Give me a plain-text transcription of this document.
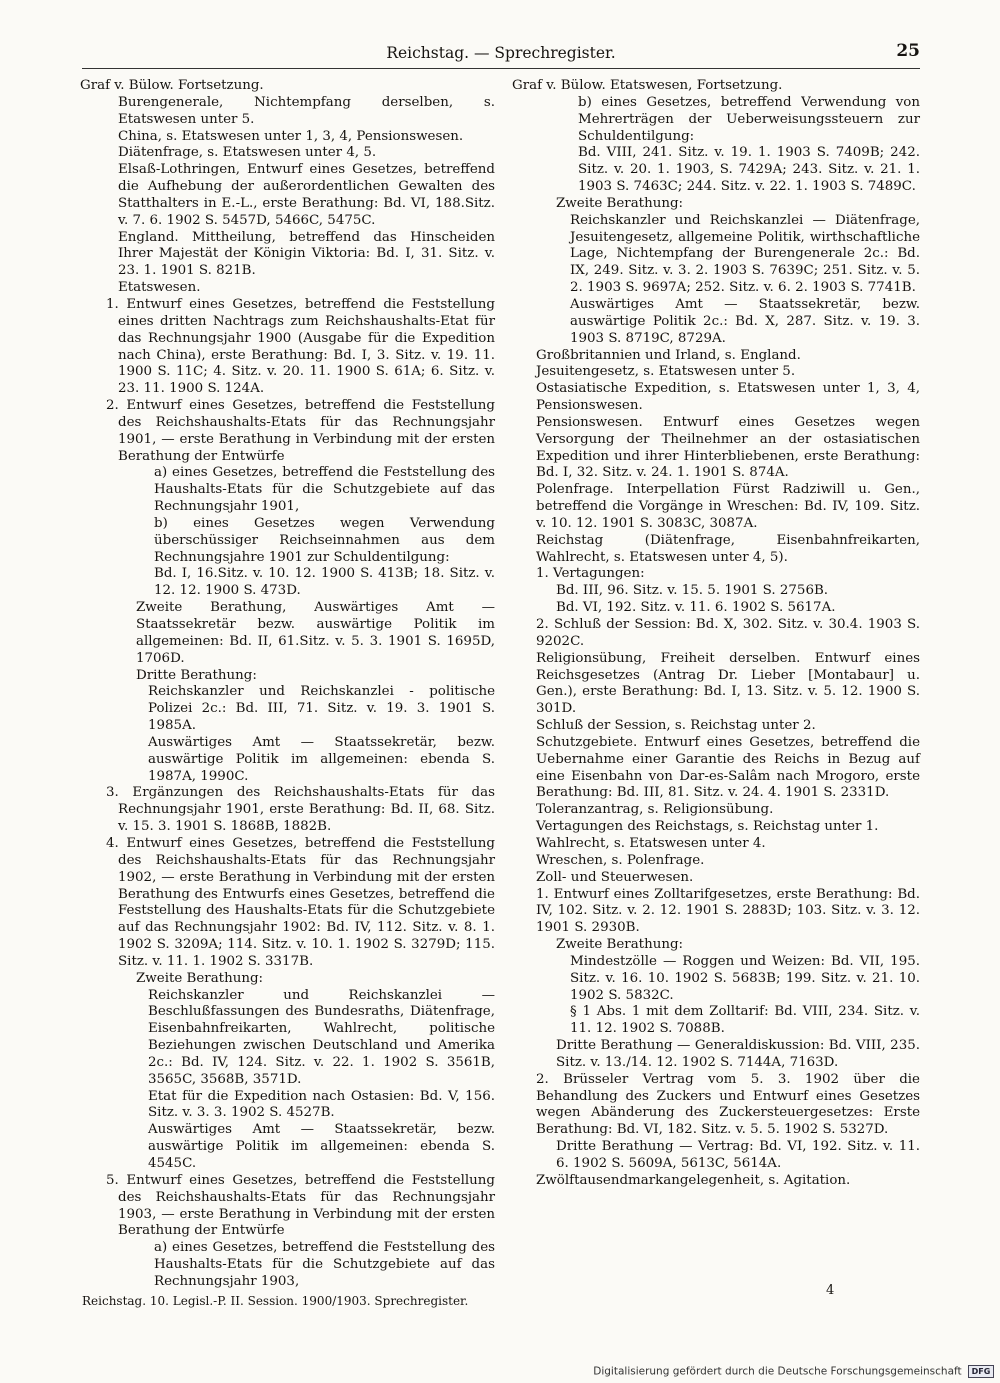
Reichstag. — Sprechregister.	25

Graf v. Bülow. Fortsetzung.

Burengenerale, Nichtempfang derselben, s. Etatswesen unter 5.

China, s. Etatswesen unter 1, 3, 4, Pensionswesen.

Diätenfrage, s. Etatswesen unter 4, 5.

Elsaß-Lothringen, Entwurf eines Gesetzes, betreffend die Aufhebung der außerordentlichen Gewalten des Statthalters in E.-L., erste Berathung: Bd. VI, 188.Sitz. v. 7. 6. 1902 S. 5457D, 5466C, 5475C.

England. Mittheilung, betreffend das Hinscheiden Ihrer Majestät der Königin Viktoria: Bd. I, 31. Sitz. v. 23. 1. 1901 S. 821B.

Etatswesen.

1. Entwurf eines Gesetzes, betreffend die Feststellung eines dritten Nachtrags zum Reichshaushalts-Etat für das Rechnungsjahr 1900 (Ausgabe für die Expedition nach China), erste Berathung: Bd. I, 3. Sitz. v. 19. 11. 1900 S. 11C; 4. Sitz. v. 20. 11. 1900 S. 61A; 6. Sitz. v. 23. 11. 1900 S. 124A.

2. Entwurf eines Gesetzes, betreffend die Feststellung des Reichshaushalts-Etats für das Rechnungsjahr 1901, — erste Berathung in Verbindung mit der ersten Berathung der Entwürfe

a) eines Gesetzes, betreffend die Feststellung des Haushalts-Etats für die Schutzgebiete auf das Rechnungsjahr 1901,

b) eines Gesetzes wegen Verwendung überschüssiger Reichseinnahmen aus dem Rechnungsjahre 1901 zur Schuldentilgung:

Bd. I, 16.Sitz. v. 10. 12. 1900 S. 413B; 18. Sitz. v. 12. 12. 1900 S. 473D.

Zweite Berathung, Auswärtiges Amt — Staatssekretär bezw. auswärtige Politik im allgemeinen: Bd. II, 61.Sitz. v. 5. 3. 1901 S. 1695D, 1706D.

Dritte Berathung:

Reichskanzler und Reichskanzlei - politische Polizei 2c.: Bd. III, 71. Sitz. v. 19. 3. 1901 S. 1985A.

Auswärtiges Amt — Staatssekretär, bezw. auswärtige Politik im allgemeinen: ebenda S. 1987A, 1990C.

3. Ergänzungen des Reichshaushalts-Etats für das Rechnungsjahr 1901, erste Berathung: Bd. II, 68. Sitz. v. 15. 3. 1901 S. 1868B, 1882B.

4. Entwurf eines Gesetzes, betreffend die Feststellung des Reichshaushalts-Etats für das Rechnungsjahr 1902, — erste Berathung in Verbindung mit der ersten Berathung des Entwurfs eines Gesetzes, betreffend die Feststellung des Haushalts-Etats für die Schutzgebiete auf das Rechnungsjahr 1902: Bd. IV, 112. Sitz. v. 8. 1. 1902 S. 3209A; 114. Sitz. v. 10. 1. 1902 S. 3279D; 115. Sitz. v. 11. 1. 1902 S. 3317B.

Zweite Berathung:

Reichskanzler und Reichskanzlei — Beschlußfassungen des Bundesraths, Diätenfrage, Eisenbahnfreikarten, Wahlrecht, politische Beziehungen zwischen Deutschland und Amerika 2c.: Bd. IV, 124. Sitz. v. 22. 1. 1902 S. 3561B, 3565C, 3568B, 3571D.

Etat für die Expedition nach Ostasien: Bd. V, 156. Sitz. v. 3. 3. 1902 S. 4527B.

Auswärtiges Amt — Staatssekretär, bezw. auswärtige Politik im allgemeinen: ebenda S. 4545C.

5. Entwurf eines Gesetzes, betreffend die Feststellung des Reichshaushalts-Etats für das Rechnungsjahr 1903, — erste Berathung in Verbindung mit der ersten Berathung der Entwürfe

a) eines Gesetzes, betreffend die Feststellung des Haushalts-Etats für die Schutzgebiete auf das Rechnungsjahr 1903,

Graf v. Bülow. Etatswesen, Fortsetzung.

b) eines Gesetzes, betreffend Verwendung von Mehrerträgen der Ueberweisungssteuern zur Schuldentilgung:

Bd. VIII, 241. Sitz. v. 19. 1. 1903 S. 7409B; 242. Sitz. v. 20. 1. 1903, S. 7429A; 243. Sitz. v. 21. 1. 1903 S. 7463C; 244. Sitz. v. 22. 1. 1903 S. 7489C.

Zweite Berathung:

Reichskanzler und Reichskanzlei — Diätenfrage, Jesuitengesetz, allgemeine Politik, wirthschaftliche Lage, Nichtempfang der Burengenerale 2c.: Bd. IX, 249. Sitz. v. 3. 2. 1903 S. 7639C; 251. Sitz. v. 5. 2. 1903 S. 9697A; 252. Sitz. v. 6. 2. 1903 S. 7741B.

Auswärtiges Amt — Staatssekretär, bezw. auswärtige Politik 2c.: Bd. X, 287. Sitz. v. 19. 3. 1903 S. 8719C, 8729A.

Großbritannien und Irland, s. England.

Jesuitengesetz, s. Etatswesen unter 5.

Ostasiatische Expedition, s. Etatswesen unter 1, 3, 4, Pensionswesen.

Pensionswesen. Entwurf eines Gesetzes wegen Versorgung der Theilnehmer an der ostasiatischen Expedition und ihrer Hinterbliebenen, erste Berathung: Bd. I, 32. Sitz. v. 24. 1. 1901 S. 874A.

Polenfrage. Interpellation Fürst Radziwill u. Gen., betreffend die Vorgänge in Wreschen: Bd. IV, 109. Sitz. v. 10. 12. 1901 S. 3083C, 3087A.

Reichstag (Diätenfrage, Eisenbahnfreikarten, Wahlrecht, s. Etatswesen unter 4, 5).

1. Vertagungen:

Bd. III, 96. Sitz. v. 15. 5. 1901 S. 2756B.

Bd. VI, 192. Sitz. v. 11. 6. 1902 S. 5617A.

2. Schluß der Session: Bd. X, 302. Sitz. v. 30.4. 1903 S. 9202C.

Religionsübung, Freiheit derselben. Entwurf eines Reichsgesetzes (Antrag Dr. Lieber [Montabaur] u. Gen.), erste Berathung: Bd. I, 13. Sitz. v. 5. 12. 1900 S. 301D.

Schluß der Session, s. Reichstag unter 2.

Schutzgebiete. Entwurf eines Gesetzes, betreffend die Uebernahme einer Garantie des Reichs in Bezug auf eine Eisenbahn von Dar-es-Salâm nach Mrogoro, erste Berathung: Bd. III, 81. Sitz. v. 24. 4. 1901 S. 2331D.

Toleranzantrag, s. Religionsübung.

Vertagungen des Reichstags, s. Reichstag unter 1.

Wahlrecht, s. Etatswesen unter 4.

Wreschen, s. Polenfrage.

Zoll- und Steuerwesen.

1. Entwurf eines Zolltarifgesetzes, erste Berathung: Bd. IV, 102. Sitz. v. 2. 12. 1901 S. 2883D; 103. Sitz. v. 3. 12. 1901 S. 2930B.

Zweite Berathung:

Mindestzölle — Roggen und Weizen: Bd. VII, 195. Sitz. v. 16. 10. 1902 S. 5683B; 199. Sitz. v. 21. 10. 1902 S. 5832C.

§ 1 Abs. 1 mit dem Zolltarif: Bd. VIII, 234. Sitz. v. 11. 12. 1902 S. 7088B.

Dritte Berathung — Generaldiskussion: Bd. VIII, 235. Sitz. v. 13./14. 12. 1902 S. 7144A, 7163D.

2. Brüsseler Vertrag vom 5. 3. 1902 über die Behandlung des Zuckers und Entwurf eines Gesetzes wegen Abänderung des Zuckersteuergesetzes: Erste Berathung: Bd. VI, 182. Sitz. v. 5. 5. 1902 S. 5327D.

Dritte Berathung — Vertrag: Bd. VI, 192. Sitz. v. 11. 6. 1902 S. 5609A, 5613C, 5614A.

Zwölftausendmarkangelegenheit, s. Agitation.

Reichstag. 10. Legisl.-P. II. Session. 1900/1903. Sprechregister.
4
Digitalisierung gefördert durch die Deutsche Forschungsgemeinschaft DFG
